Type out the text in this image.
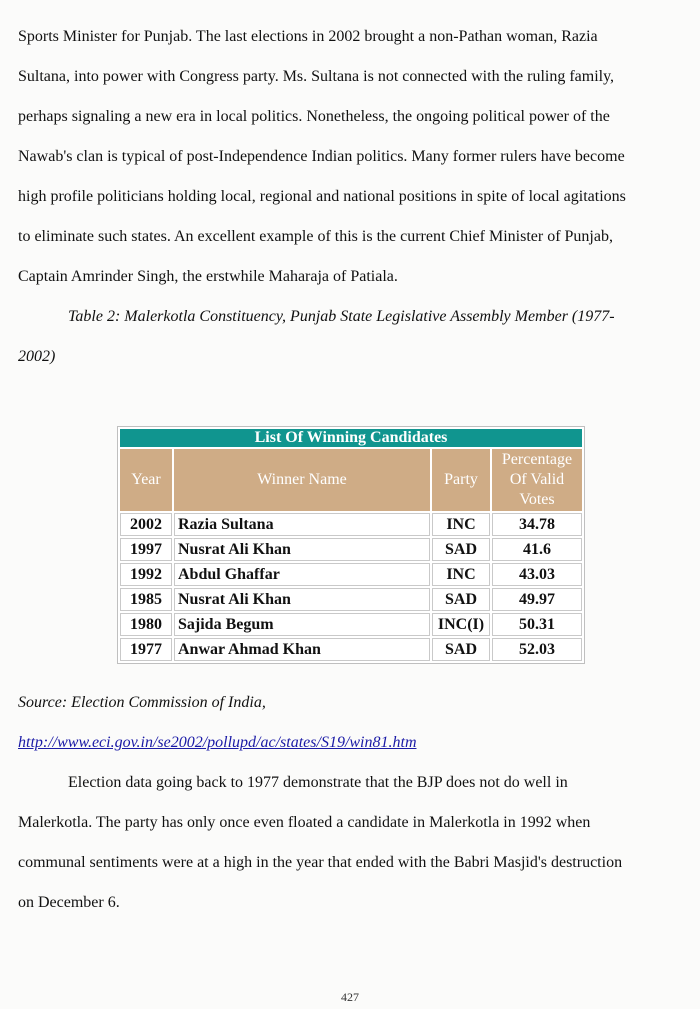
Sports Minister for Punjab. The last elections in 2002 brought a non-Pathan woman, Razia
Sultana, into power with Congress party. Ms. Sultana is not connected with the ruling family,
perhaps signaling a new era in local politics. Nonetheless, the ongoing political power of the
Nawab's clan is typical of post-Independence Indian politics. Many former rulers have become
high profile politicians holding local, regional and national positions in spite of local agitations
to eliminate such states. An excellent example of this is the current Chief Minister of Punjab,
Captain Amrinder Singh, the erstwhile Maharaja of Patiala.
Table 2: Malerkotla Constituency, Punjab State Legislative Assembly Member (1977-
2002)
List Of Winning Candidates			
Year	Winner Name	Party	Percentage
Of Valid
Votes

2002	Razia Sultana	INC	34.78
1997	Nusrat Ali Khan	SAD	41.6
1992	Abdul Ghaffar	INC	43.03
1985	Nusrat Ali Khan	SAD	49.97
1980	Sajida Begum	INC(I)	50.31
1977	Anwar Ahmad Khan	SAD	52.03
Source: Election Commission of India,
http://www.eci.gov.in/se2002/pollupd/ac/states/S19/win81.htm
Election data going back to 1977 demonstrate that the BJP does not do well in
Malerkotla. The party has only once even floated a candidate in Malerkotla in 1992 when
communal sentiments were at a high in the year that ended with the Babri Masjid's destruction
on December 6.
427
